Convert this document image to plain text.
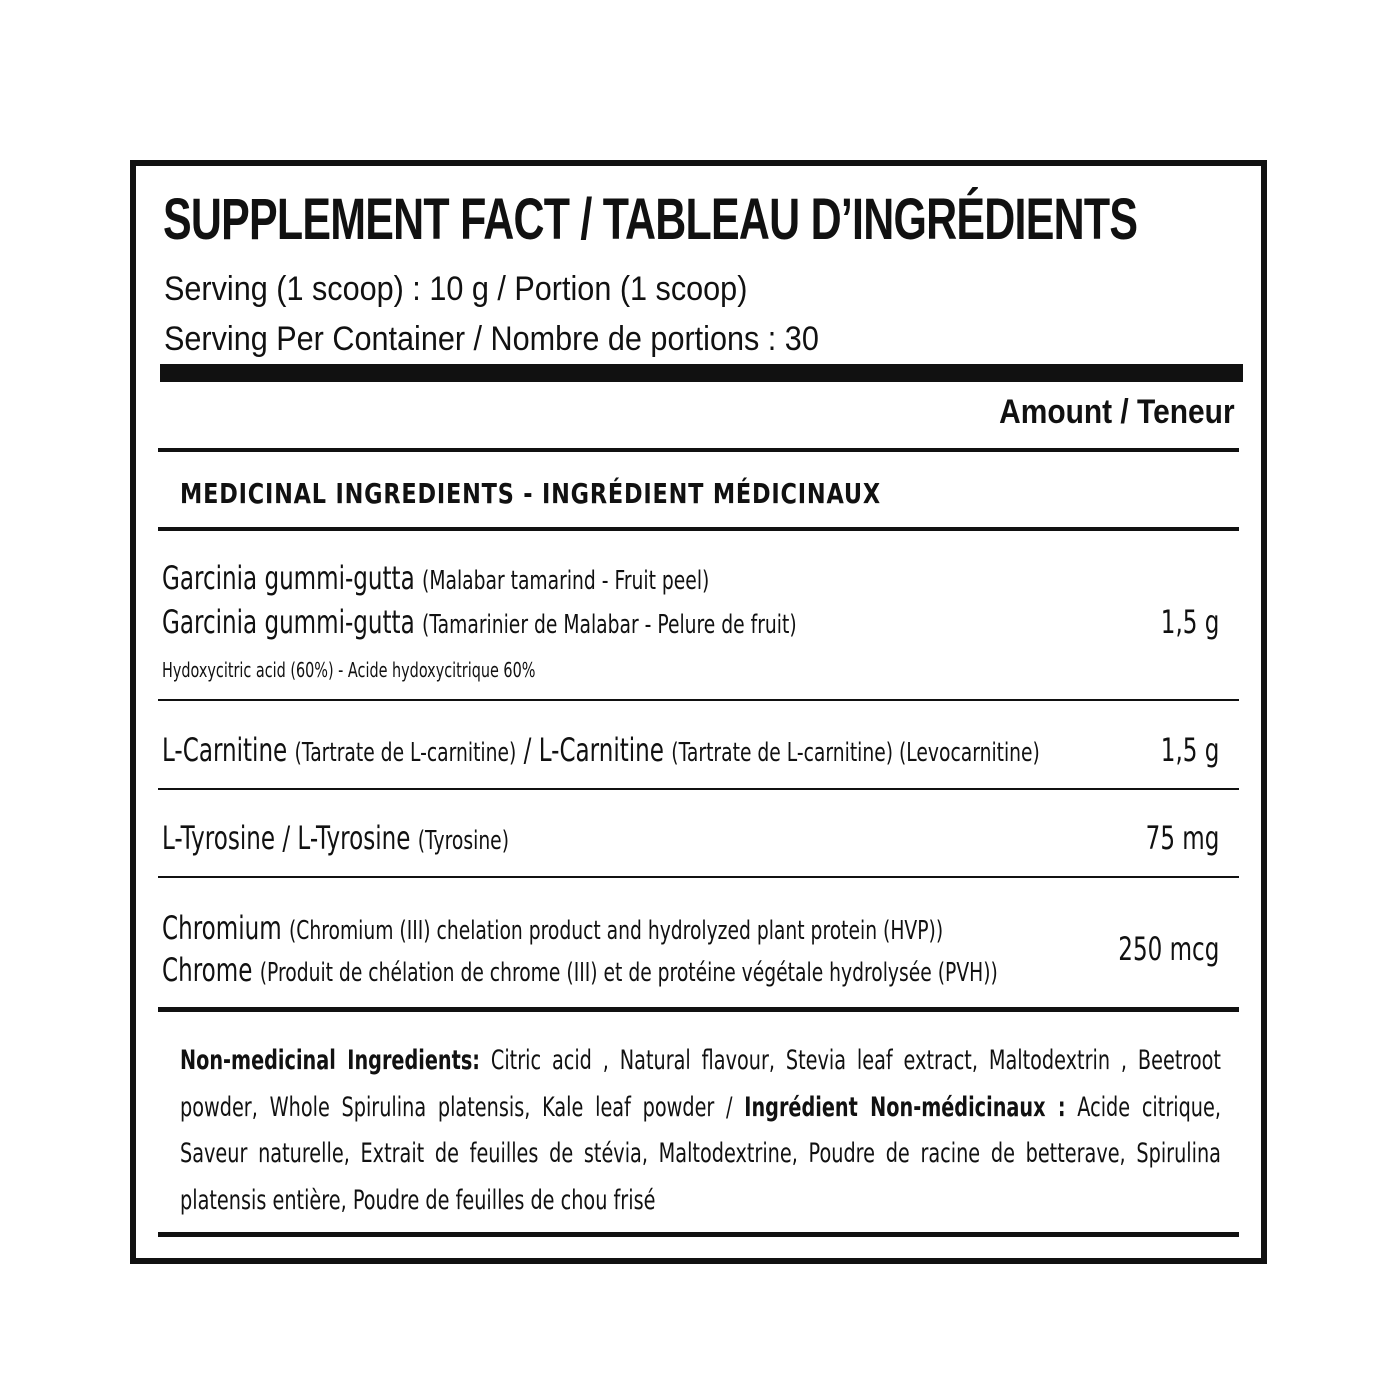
SUPPLEMENT FACT / TABLEAU D’INGRÉDIENTS
Serving (1 scoop) : 10 g / Portion (1 scoop)
Serving Per Container / Nombre de portions : 30
Amount / Teneur
MEDICINAL INGREDIENTS - INGRÉDIENT MÉDICINAUX
Garcinia gummi-gutta (Malabar tamarind - Fruit peel)
Garcinia gummi-gutta (Tamarinier de Malabar - Pelure de fruit)
Hydoxycitric acid (60%) - Acide hydoxycitrique 60%
1,5 g
L-Carnitine (Tartrate de L-carnitine) / L-Carnitine (Tartrate de L-carnitine) (Levocarnitine)	1,5 g
L-Tyrosine / L-Tyrosine (Tyrosine)	75 mg
Chromium (Chromium (III) chelation product and hydrolyzed plant protein (HVP))
Chrome (Produit de chélation de chrome (III) et de protéine végétale hydrolysée (PVH))
250 mcg
Non-medicinal Ingredients: Citric acid , Natural flavour, Stevia leaf extract, Maltodextrin , Beetroot powder, Whole Spirulina platensis, Kale leaf powder / Ingrédient Non-médicinaux : Acide citrique, Saveur naturelle, Extrait de feuilles de stévia, Maltodextrine, Poudre de racine de betterave, Spirulina platensis entière, Poudre de feuilles de chou frisé
